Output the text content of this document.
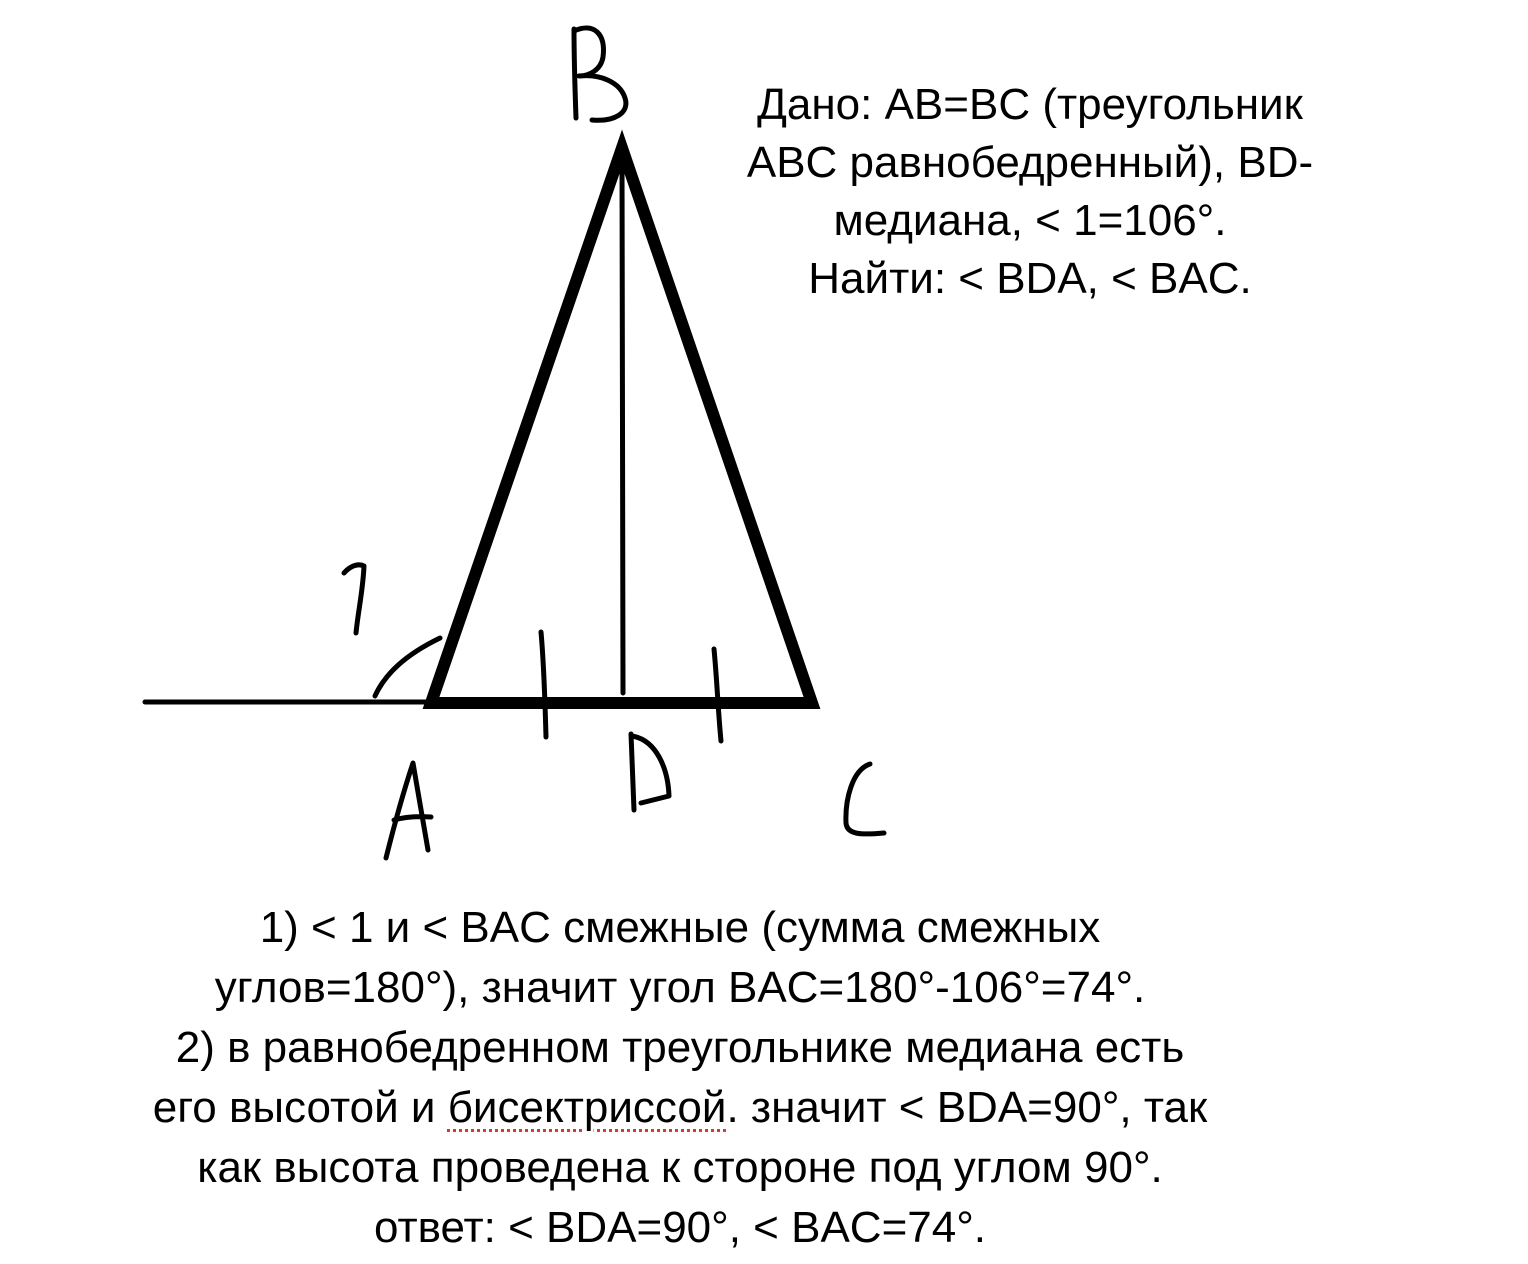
Дано: AB=BC (треугольник
ABC равнобедренный), BD-
медиана, < 1=106°.
Найти: < BDA, < BAC.
1) < 1 и < BAC смежные (сумма смежных
углов=180°), значит угол BAC=180°-106°=74°.
2) в равнобедренном треугольнике медиана есть
его высотой и бисектриссой. значит < BDA=90°, так
как высота проведена к стороне под углом 90°.
ответ: < BDA=90°, < BAC=74°.
